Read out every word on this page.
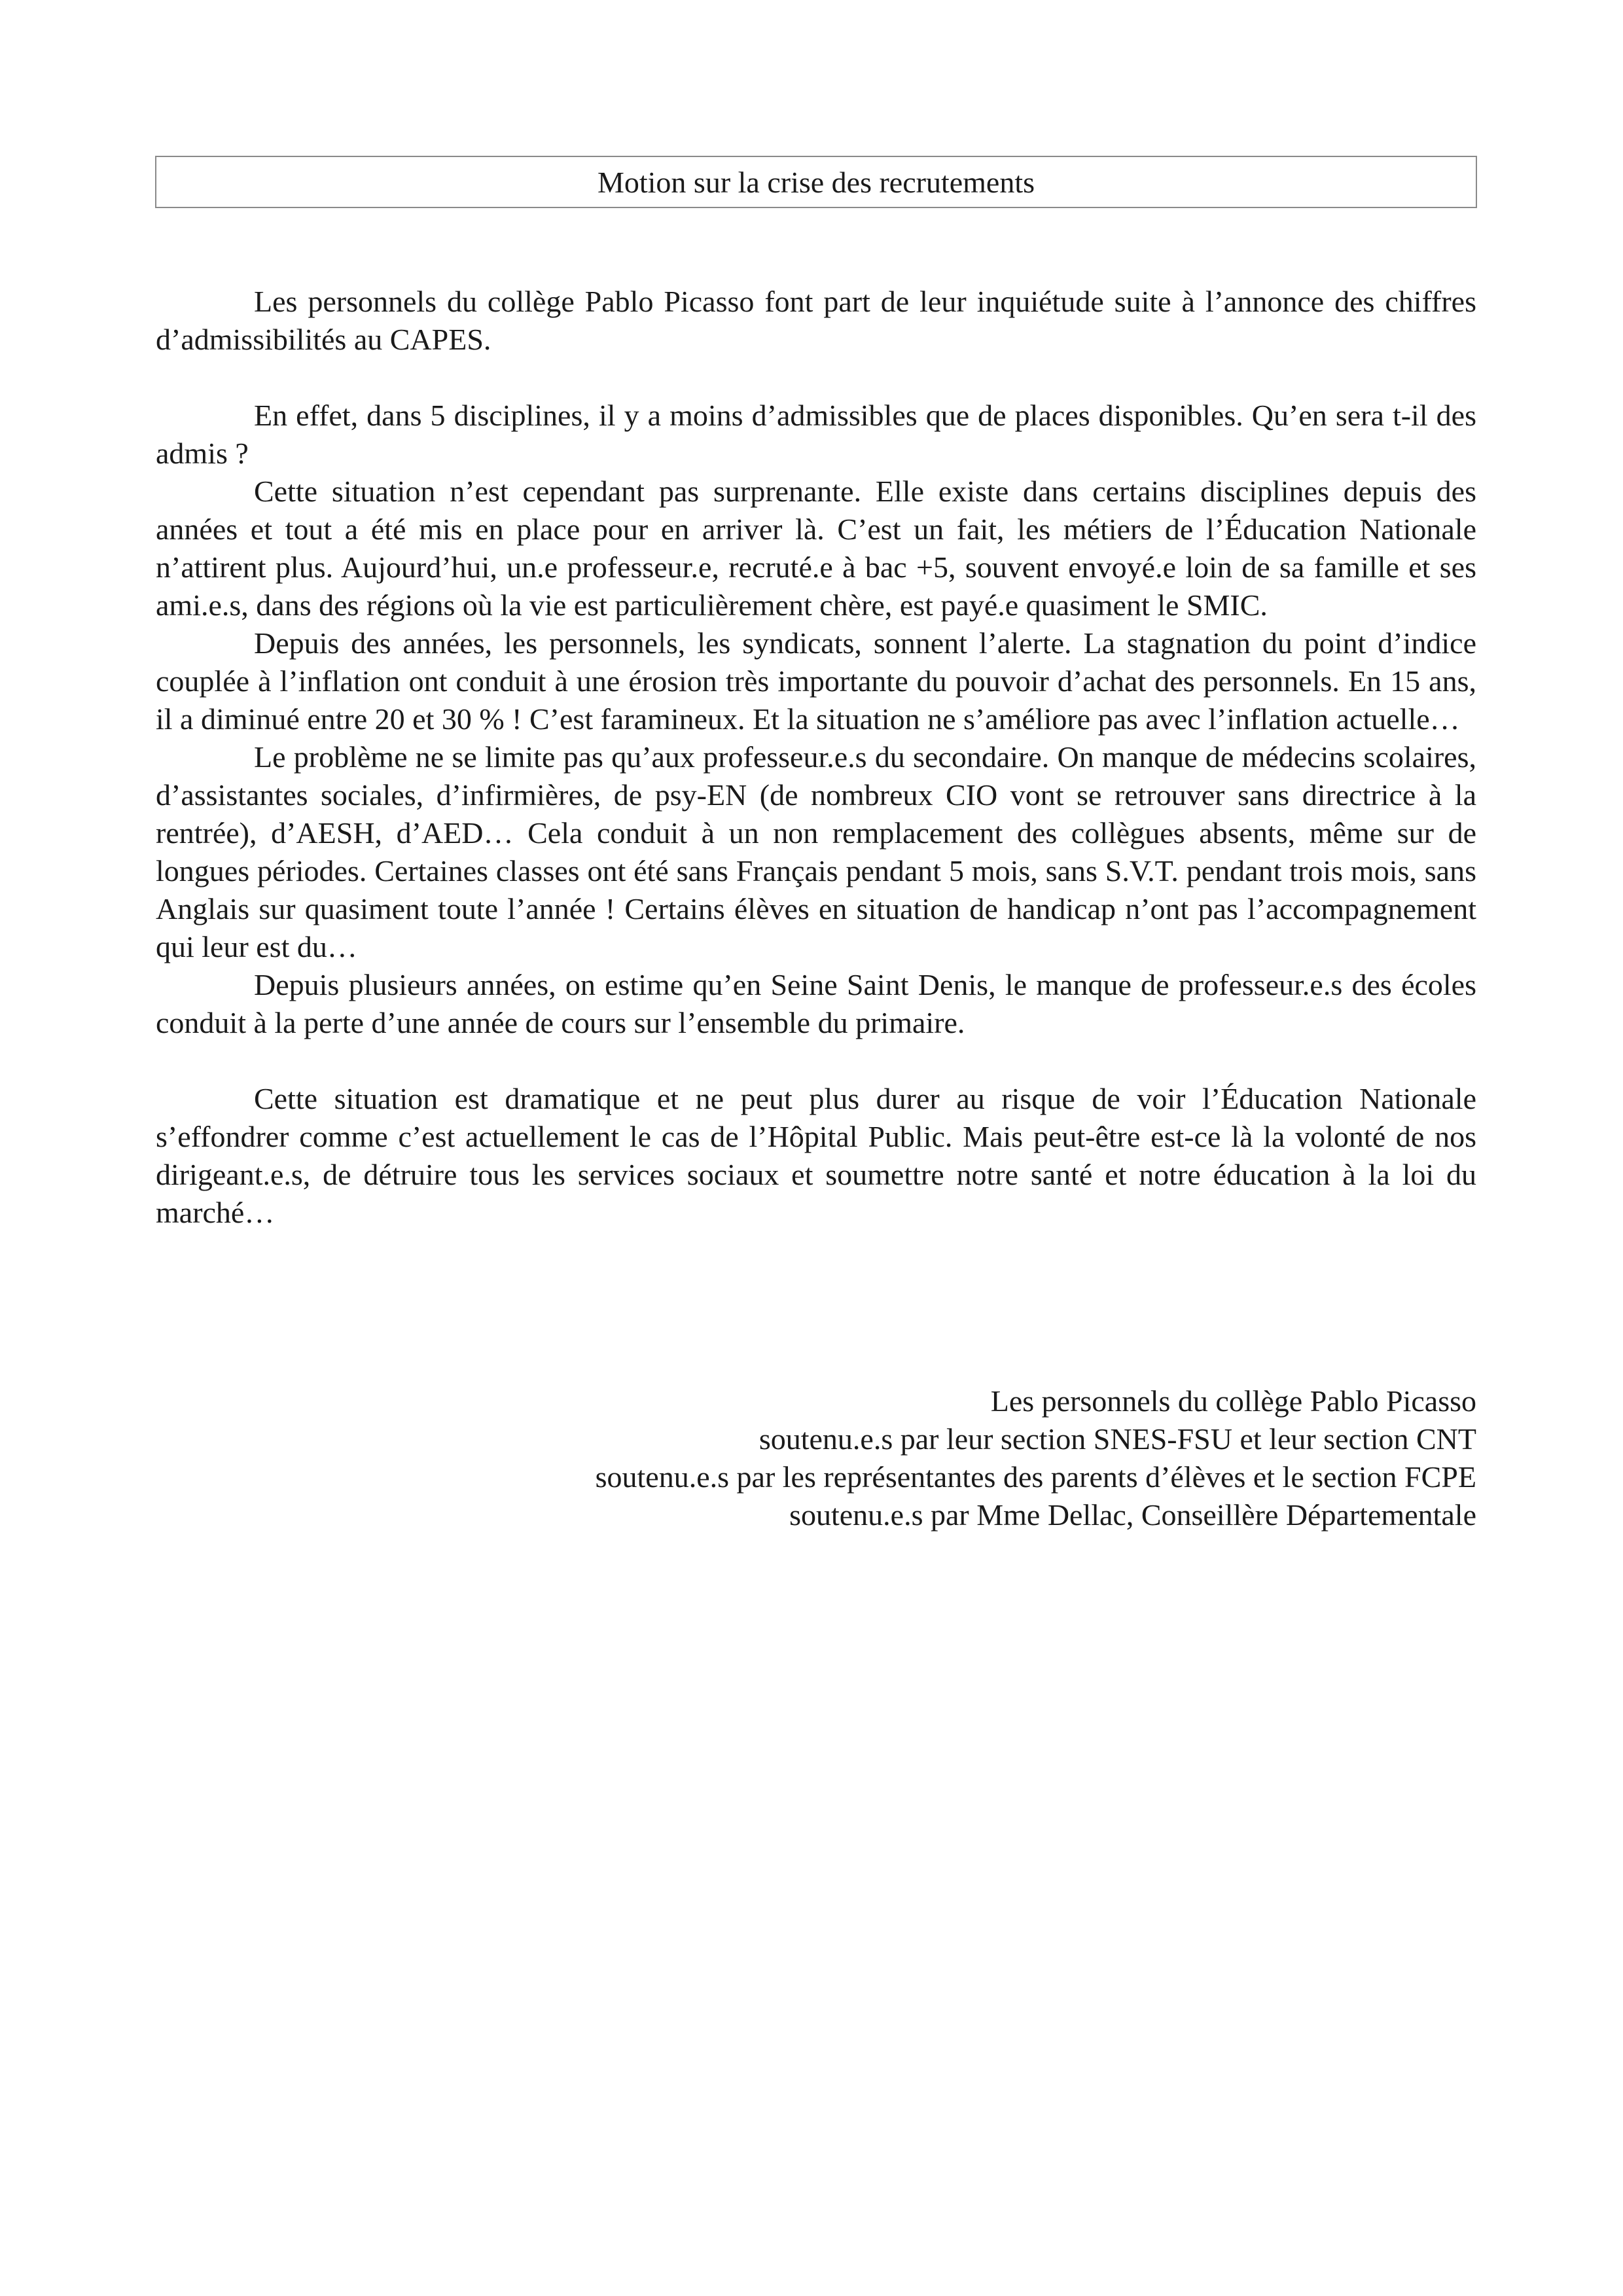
Motion sur la crise des recrutements

Les personnels du collège Pablo Picasso font part de leur inquiétude suite à l’annonce des chiffres d’admissibilités au CAPES.

En effet, dans 5 disciplines, il y a moins d’admissibles que de places disponibles. Qu’en sera t-il des admis ?

Cette situation n’est cependant pas surprenante. Elle existe dans certains disciplines depuis des années et tout a été mis en place pour en arriver là. C’est un fait, les métiers de l’Éducation Nationale n’attirent plus. Aujourd’hui, un.e professeur.e, recruté.e à bac +5, souvent envoyé.e loin de sa famille et ses ami.e.s, dans des régions où la vie est particulièrement chère, est payé.e quasiment le SMIC.

Depuis des années, les personnels, les syndicats, sonnent l’alerte. La stagnation du point d’indice couplée à l’inflation ont conduit à une érosion très importante du pouvoir d’achat des personnels. En 15 ans, il a diminué entre 20 et 30 % ! C’est faramineux. Et la situation ne s’améliore pas avec l’inflation actuelle…

Le problème ne se limite pas qu’aux professeur.e.s du secondaire. On manque de médecins scolaires, d’assistantes sociales, d’infirmières, de psy-EN (de nombreux CIO vont se retrouver sans directrice à la rentrée), d’AESH, d’AED… Cela conduit à un non remplacement des collègues absents, même sur de longues périodes. Certaines classes ont été sans Français pendant 5 mois, sans S.V.T. pendant trois mois, sans Anglais sur quasiment toute l’année ! Certains élèves en situation de handicap n’ont pas l’accompagnement qui leur est du…

Depuis plusieurs années, on estime qu’en Seine Saint Denis, le manque de professeur.e.s des écoles conduit à la perte d’une année de cours sur l’ensemble du primaire.

Cette situation est dramatique et ne peut plus durer au risque de voir l’Éducation Nationale s’effondrer comme c’est actuellement le cas de l’Hôpital Public. Mais peut-être est-ce là la volonté de nos dirigeant.e.s, de détruire tous les services sociaux et soumettre notre santé et notre éducation à la loi du marché…

Les personnels du collège Pablo Picasso
soutenu.e.s par leur section SNES-FSU et leur section CNT
soutenu.e.s par les représentantes des parents d’élèves et le section FCPE
soutenu.e.s par Mme Dellac, Conseillère Départementale
